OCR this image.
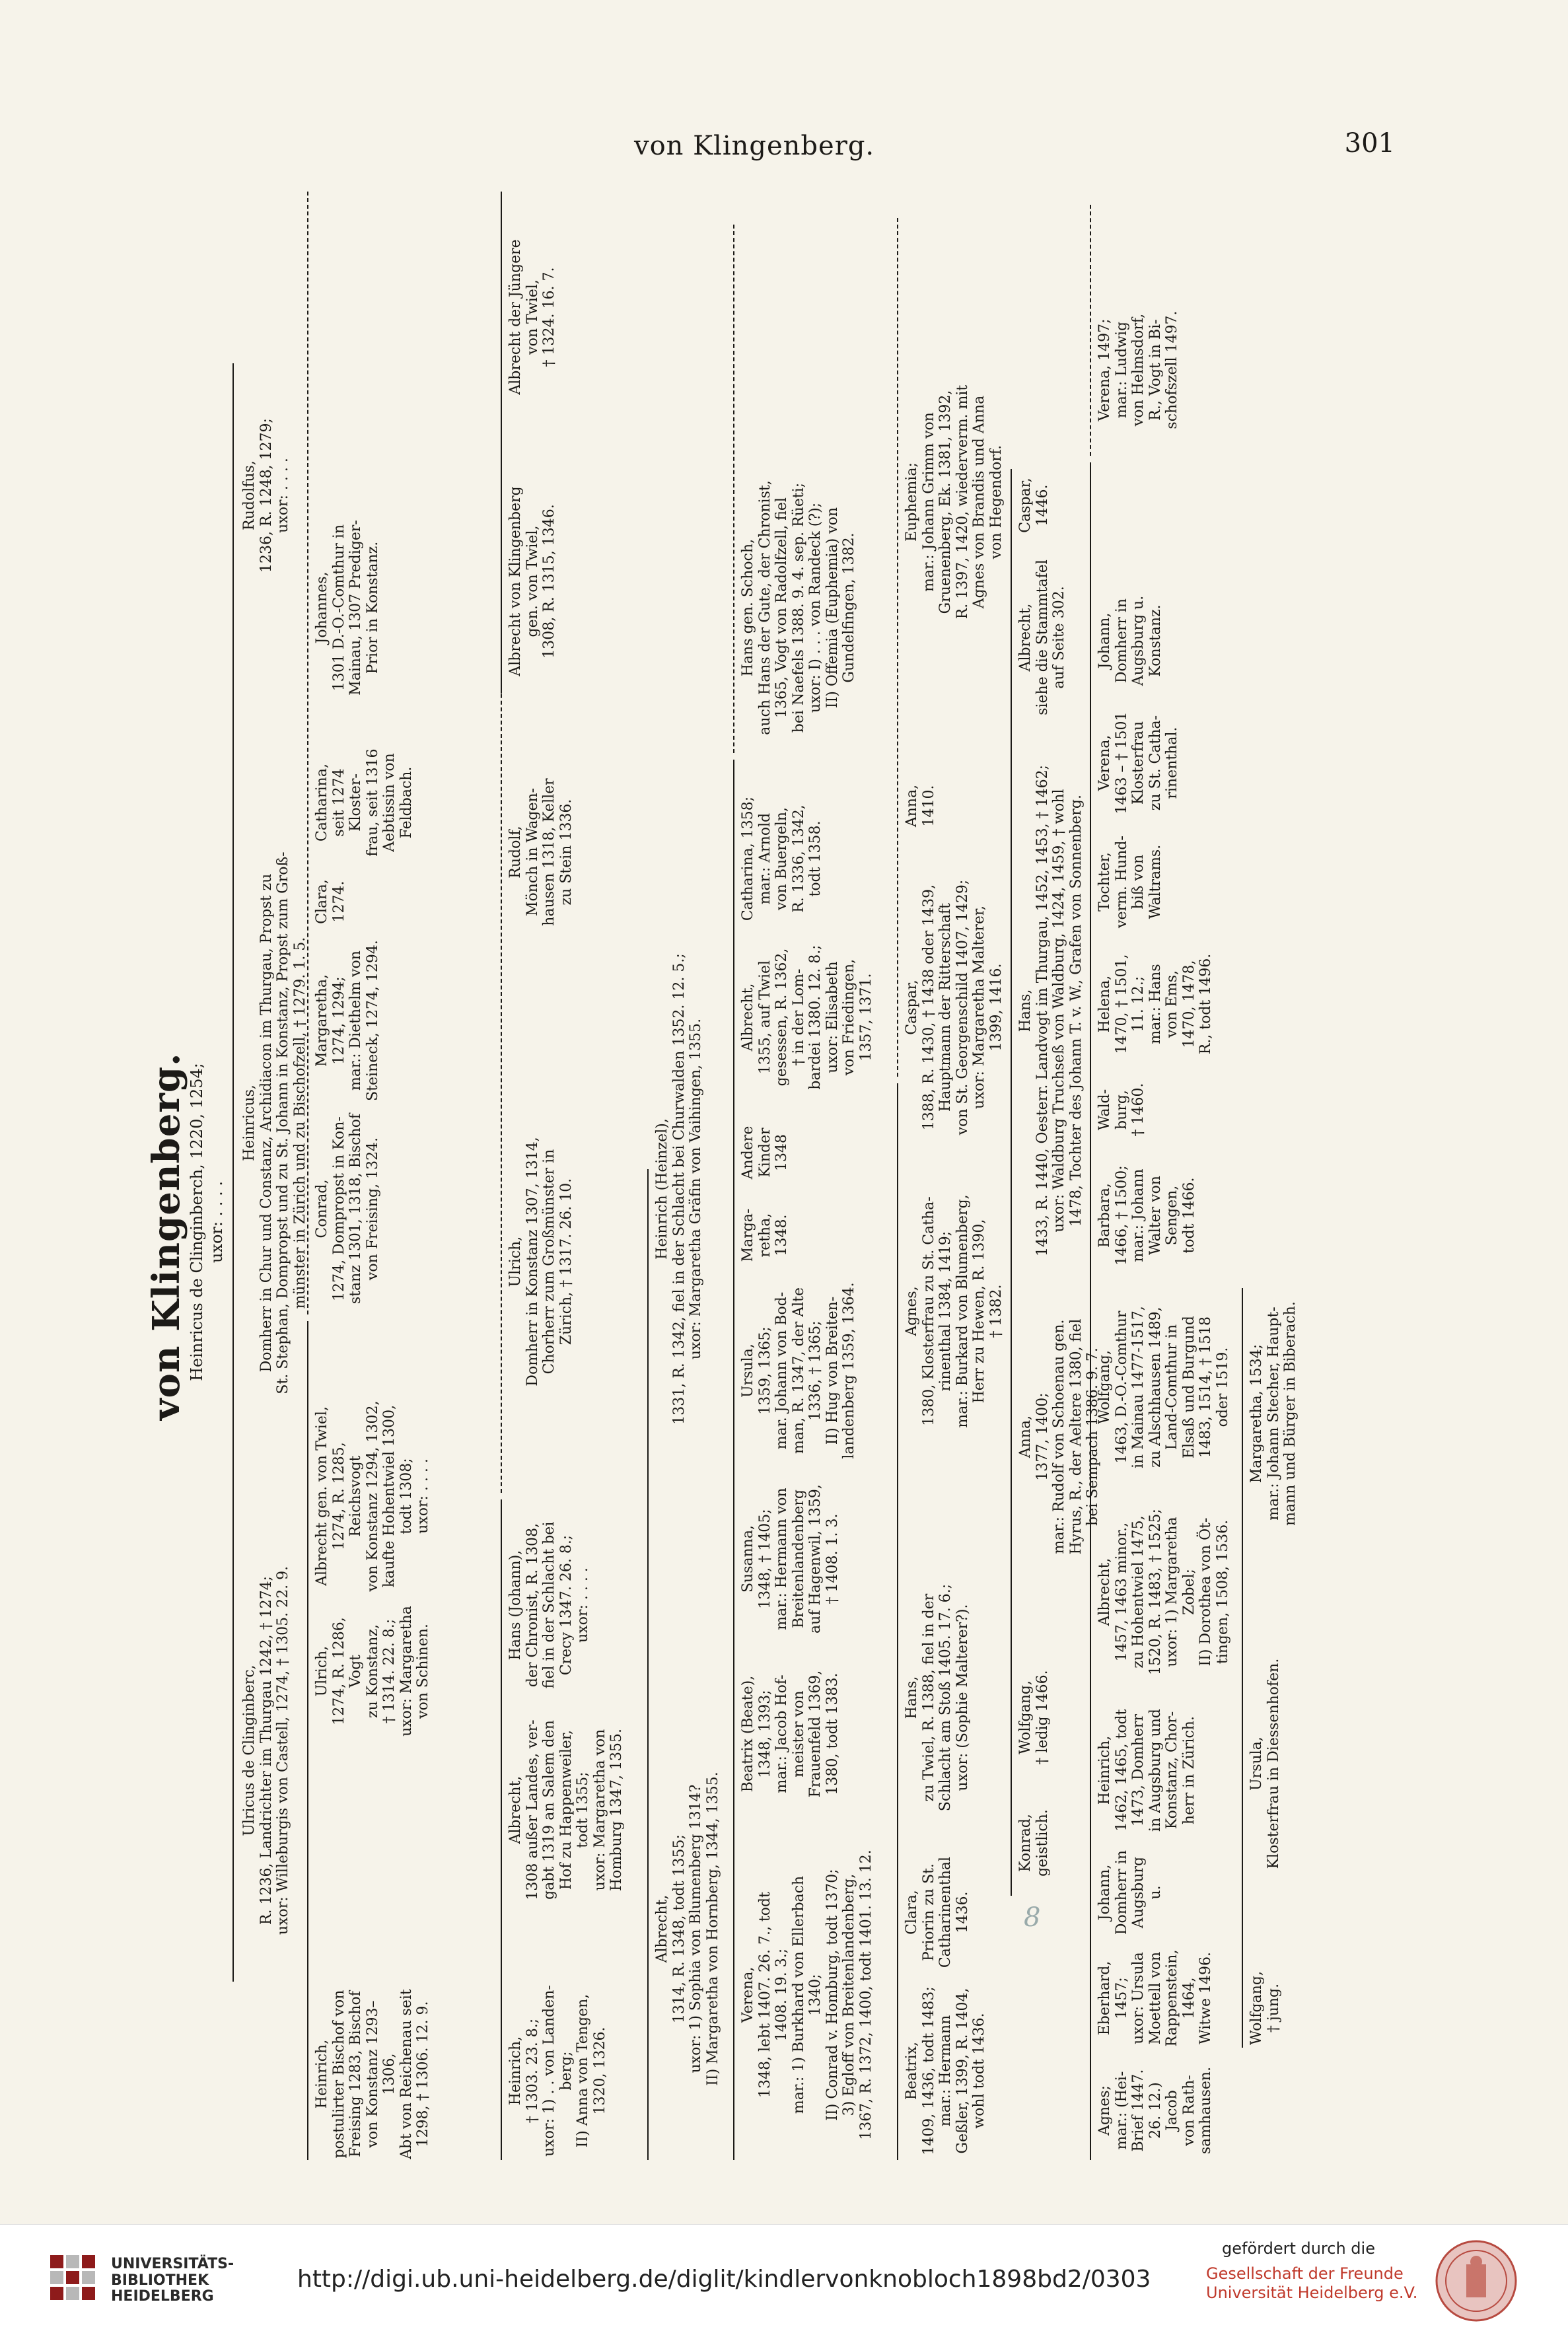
von Klingenberg.	301
von Klingenberg. Heinricus de Clinginberch, 1220, 1254; uxor: . . . .
Ulricus de Clinginberc, R. 1236, Landrichter im Thurgau 1242, † 1274; uxor: Willeburgis von Castell, 1274, † 1305. 22. 9.
Heinricus, Domherr in Chur und Constanz, Archidiacon im Thurgau, Propst zu St. Stephan, Dompropst und zu St. Johann in Konstanz, Propst zum Groß- münster in Zürich und zu Bischofzell, † 1279. 1. 5.
Rudolfus, 1236, R. 1248, 1279; uxor: . . . .
Heinrich, postulirter Bischof von Freising 1283, Bischof von Konstanz 1293–1306, Abt von Reichenau seit 1298, † 1306. 12. 9.
Ulrich, 1274, R. 1286, Vogt zu Konstanz, † 1314. 22. 8.; uxor: Margaretha von Schinen.
Albrecht gen. von Twiel, 1274, R. 1285, Reichsvogt von Konstanz 1294, 1302, kaufte Hohentwiel 1300, todt 1308; uxor: . . . .
Conrad, 1274, Dompropst in Kon- stanz 1301, 1318, Bischof von Freising, 1324.
Margaretha, 1274, 1294; mar.: Diethelm von Steineck, 1274, 1294.
Clara, 1274.
Catharina, seit 1274 Kloster- frau, seit 1316 Aebtissin von Feldbach.
Johannes, 1301 D.-O.-Comthur in Mainau, 1307 Prediger- Prior in Konstanz.
Heinrich, † 1303. 23. 8.; uxor: 1) . . von Landen- berg; II) Anna von Tengen, 1320, 1326.
Albrecht, 1308 außer Landes, ver- gabt 1319 an Salem den Hof zu Happenweiler, todt 1355; uxor: Margaretha von Homburg 1347, 1355.
Hans (Johann), der Chronist, R. 1308, fiel in der Schlacht bei Crecy 1347. 26. 8.; uxor: . . . .
Ulrich, Domherr in Konstanz 1307, 1314, Chorherr zum Großmünster in Zürich, † 1317. 26. 10.
Rudolf, Mönch in Wagen- hausen 1318, Keller zu Stein 1336.
Albrecht von Klingenberg gen. von Twiel, 1308, R. 1315, 1346.
Albrecht der Jüngere von Twiel, † 1324. 16. 7.
Albrecht, 1314, R. 1348, todt 1355; uxor: 1) Sophia von Blumenberg 1314? II) Margaretha von Hornberg, 1344, 1355.
Heinrich (Heinzel), 1331, R. 1342, fiel in der Schlacht bei Churwalden 1352. 12. 5.; uxor: Margaretha Gräfin von Vaihingen, 1355.
Verena, 1348, lebt 1407. 26. 7., todt 1408. 19. 3.; mar.: 1) Burkhard von Ellerbach 1340; II) Conrad v. Homburg, todt 1370; 3) Egloff von Breitenlandenberg, 1367, R. 1372, 1400, todt 1401. 13. 12.
Beatrix (Beate), 1348, 1393; mar.: Jacob Hof- meister von Frauenfeld 1369, 1380, todt 1383.
Susanna, 1348, † 1405; mar.: Hermann von Breitenlandenberg auf Hagenwil, 1359, † 1408. 1. 3.
Ursula, 1359, 1365; mar. Johann von Bod- man, R. 1347, der Alte 1336, † 1365; II) Hug von Breiten- landenberg 1359, 1364.
Marga- retha, 1348.
Andere Kinder 1348
Albrecht, 1355, auf Twiel gesessen, R. 1362, † in der Lom- bardei 1380. 12. 8.; uxor: Elisabeth von Friedingen, 1357, 1371.
Catharina, 1358; mar.: Arnold von Buergeln, R. 1336, 1342, todt 1358.
Hans gen. Schoch, auch Hans der Gute, der Chronist, 1365, Vogt von Radolfzell, fiel bei Naefels 1388. 9. 4. sep. Rüeti; uxor: I) . . . von Randeck (?); II) Offemia (Euphemia) von Gundelfingen, 1382.
Beatrix, 1409, 1436, todt 1483; mar.: Hermann Geßler, 1399, R. 1404, wohl todt 1436.
Clara, Priorin zu St. Catharinenthal 1436.
Hans, zu Twiel, R. 1388, fiel in der Schlacht am Stoß 1405. 17. 6.; uxor: (Sophie Malterer?).
Agnes, 1380, Klosterfrau zu St. Catha- rinenthal 1384, 1419; mar.: Burkard von Blumenberg, Herr zu Hewen, R. 1390, † 1382.
Caspar, 1388, R. 1430, † 1438 oder 1439, Hauptmann der Ritterschaft von St. Georgenschild 1407, 1429; uxor: Margaretha Malterer, 1399, 1416.
Anna, 1410.
Euphemia; mar.: Johann Grimm von Gruenenberg, Ek. 1381, 1392, R. 1397, 1420, wiederverm. mit Agnes von Brandis und Anna von Hegendorf.
Konrad, geistlich.
Wolfgang, † ledig 1466.
Anna, 1377, 1400; mar.: Rudolf von Schoenau gen. Hyrus, R., der Aeltere 1380, fiel bei Sempach 1386. 9. 7.
Hans, 1433, R. 1440, Oesterr. Landvogt im Thurgau, 1452, 1453, † 1462; uxor: Waldburg Truchseß von Waldburg, 1424, 1459, † wohl 1478, Tochter des Johann T. v. W., Grafen von Sonnenberg.
Albrecht, siehe die Stammtafel auf Seite 302.
Caspar, 1446.
Agnes; mar.: (Hei- Brief 1447. 26. 12.) Jacob von Rath- samhausen.
Eberhard, 1457; uxor: Ursula Moettell von Rappenstein, 1464, Witwe 1496.
Johann, Domherr in Augsburg u.
Heinrich, 1462, 1465, todt 1473, Domherr in Augsburg und Konstanz, Chor- herr in Zürich.
Albrecht, 1457, 1463 minor., zu Hohentwiel 1475, 1520, R. 1483, † 1525; uxor: 1) Margaretha Zobel; II) Dorothea von Öt- tingen, 1508, 1536.
Wolfgang, 1463, D.-O.-Comthur in Mainau 1477-1517, zu Alschhausen 1489, Land-Comthur in Elsaß und Burgund 1483, 1514, † 1518 oder 1519.
Barbara, 1466, † 1500; mar.: Johann Walter von Sengen, todt 1466.
Wald- burg, † 1460.
Helena, 1470, † 1501, 11. 12.; mar.: Hans von Ems, 1470, 1478, R., todt 1496.
Tochter, verm. Hund- biß von Waltrams.
Verena, 1463 – † 1501 Klosterfrau zu St. Catha- rinenthal.
Johann, Domherr in Augsburg u. Konstanz.
Verena, 1497; mar.: Ludwig von Helmsdorf, R., Vogt in Bi- schofszell 1497.
Wolfgang, † jung.
Ursula, Klosterfrau in Diessenhofen.
Margaretha, 1534; mar.: Johann Stecher, Haupt- mann und Bürger in Biberach.
8
UNIVERSITÄTS-
BIBLIOTHEK
HEIDELBERG
http://digi.ub.uni-heidelberg.de/diglit/kindlervonknobloch1898bd2/0303
gefördert durch die
Gesellschaft der Freunde
Universität Heidelberg e.V.
